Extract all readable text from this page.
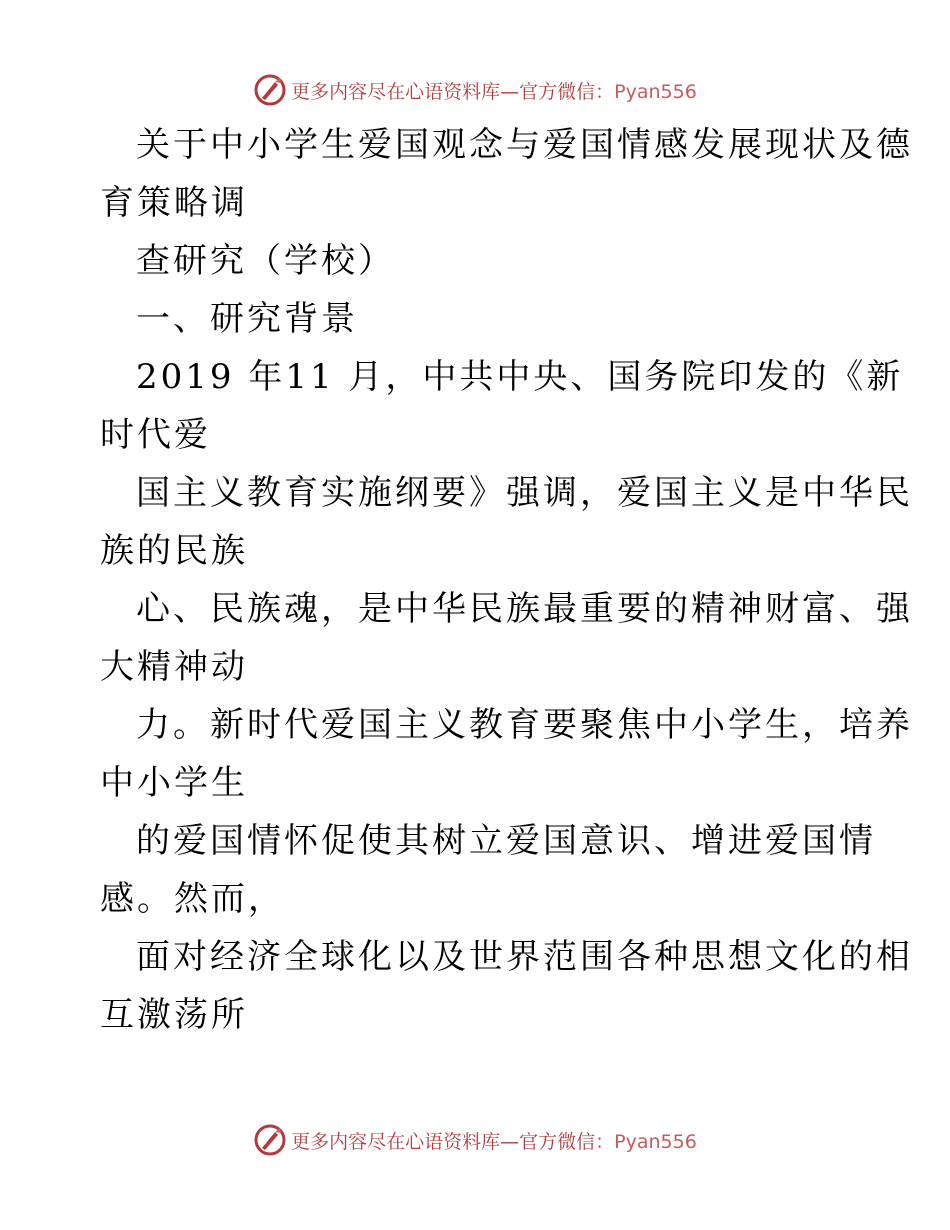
更多内容尽在心语资料库—官方微信：Pyan556
关于中小学生爱国观念与爱国情感发展现状及德
育策略调
查研究（学校）
一、研究背景
2019 年11 月，中共中央、国务院印发的《新
时代爱
国主义教育实施纲要》强调，爱国主义是中华民
族的民族
心、民族魂，是中华民族最重要的精神财富、强
大精神动
力。新时代爱国主义教育要聚焦中小学生，培养
中小学生
的爱国情怀促使其树立爱国意识、增进爱国情
感。然而，
面对经济全球化以及世界范围各种思想文化的相
互激荡所
更多内容尽在心语资料库—官方微信：Pyan556
